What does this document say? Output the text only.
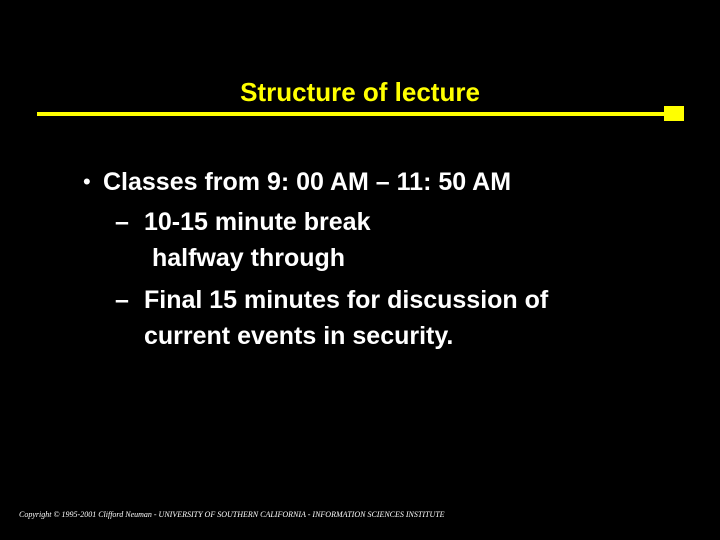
Structure of lecture
• Classes from 9: 00 AM – 11: 50 AM
– 10-15 minute break
halfway through
– Final 15 minutes for discussion of
current events in security.
Copyright © 1995-2001 Clifford Neuman - UNIVERSITY OF SOUTHERN CALIFORNIA - INFORMATION SCIENCES INSTITUTE
